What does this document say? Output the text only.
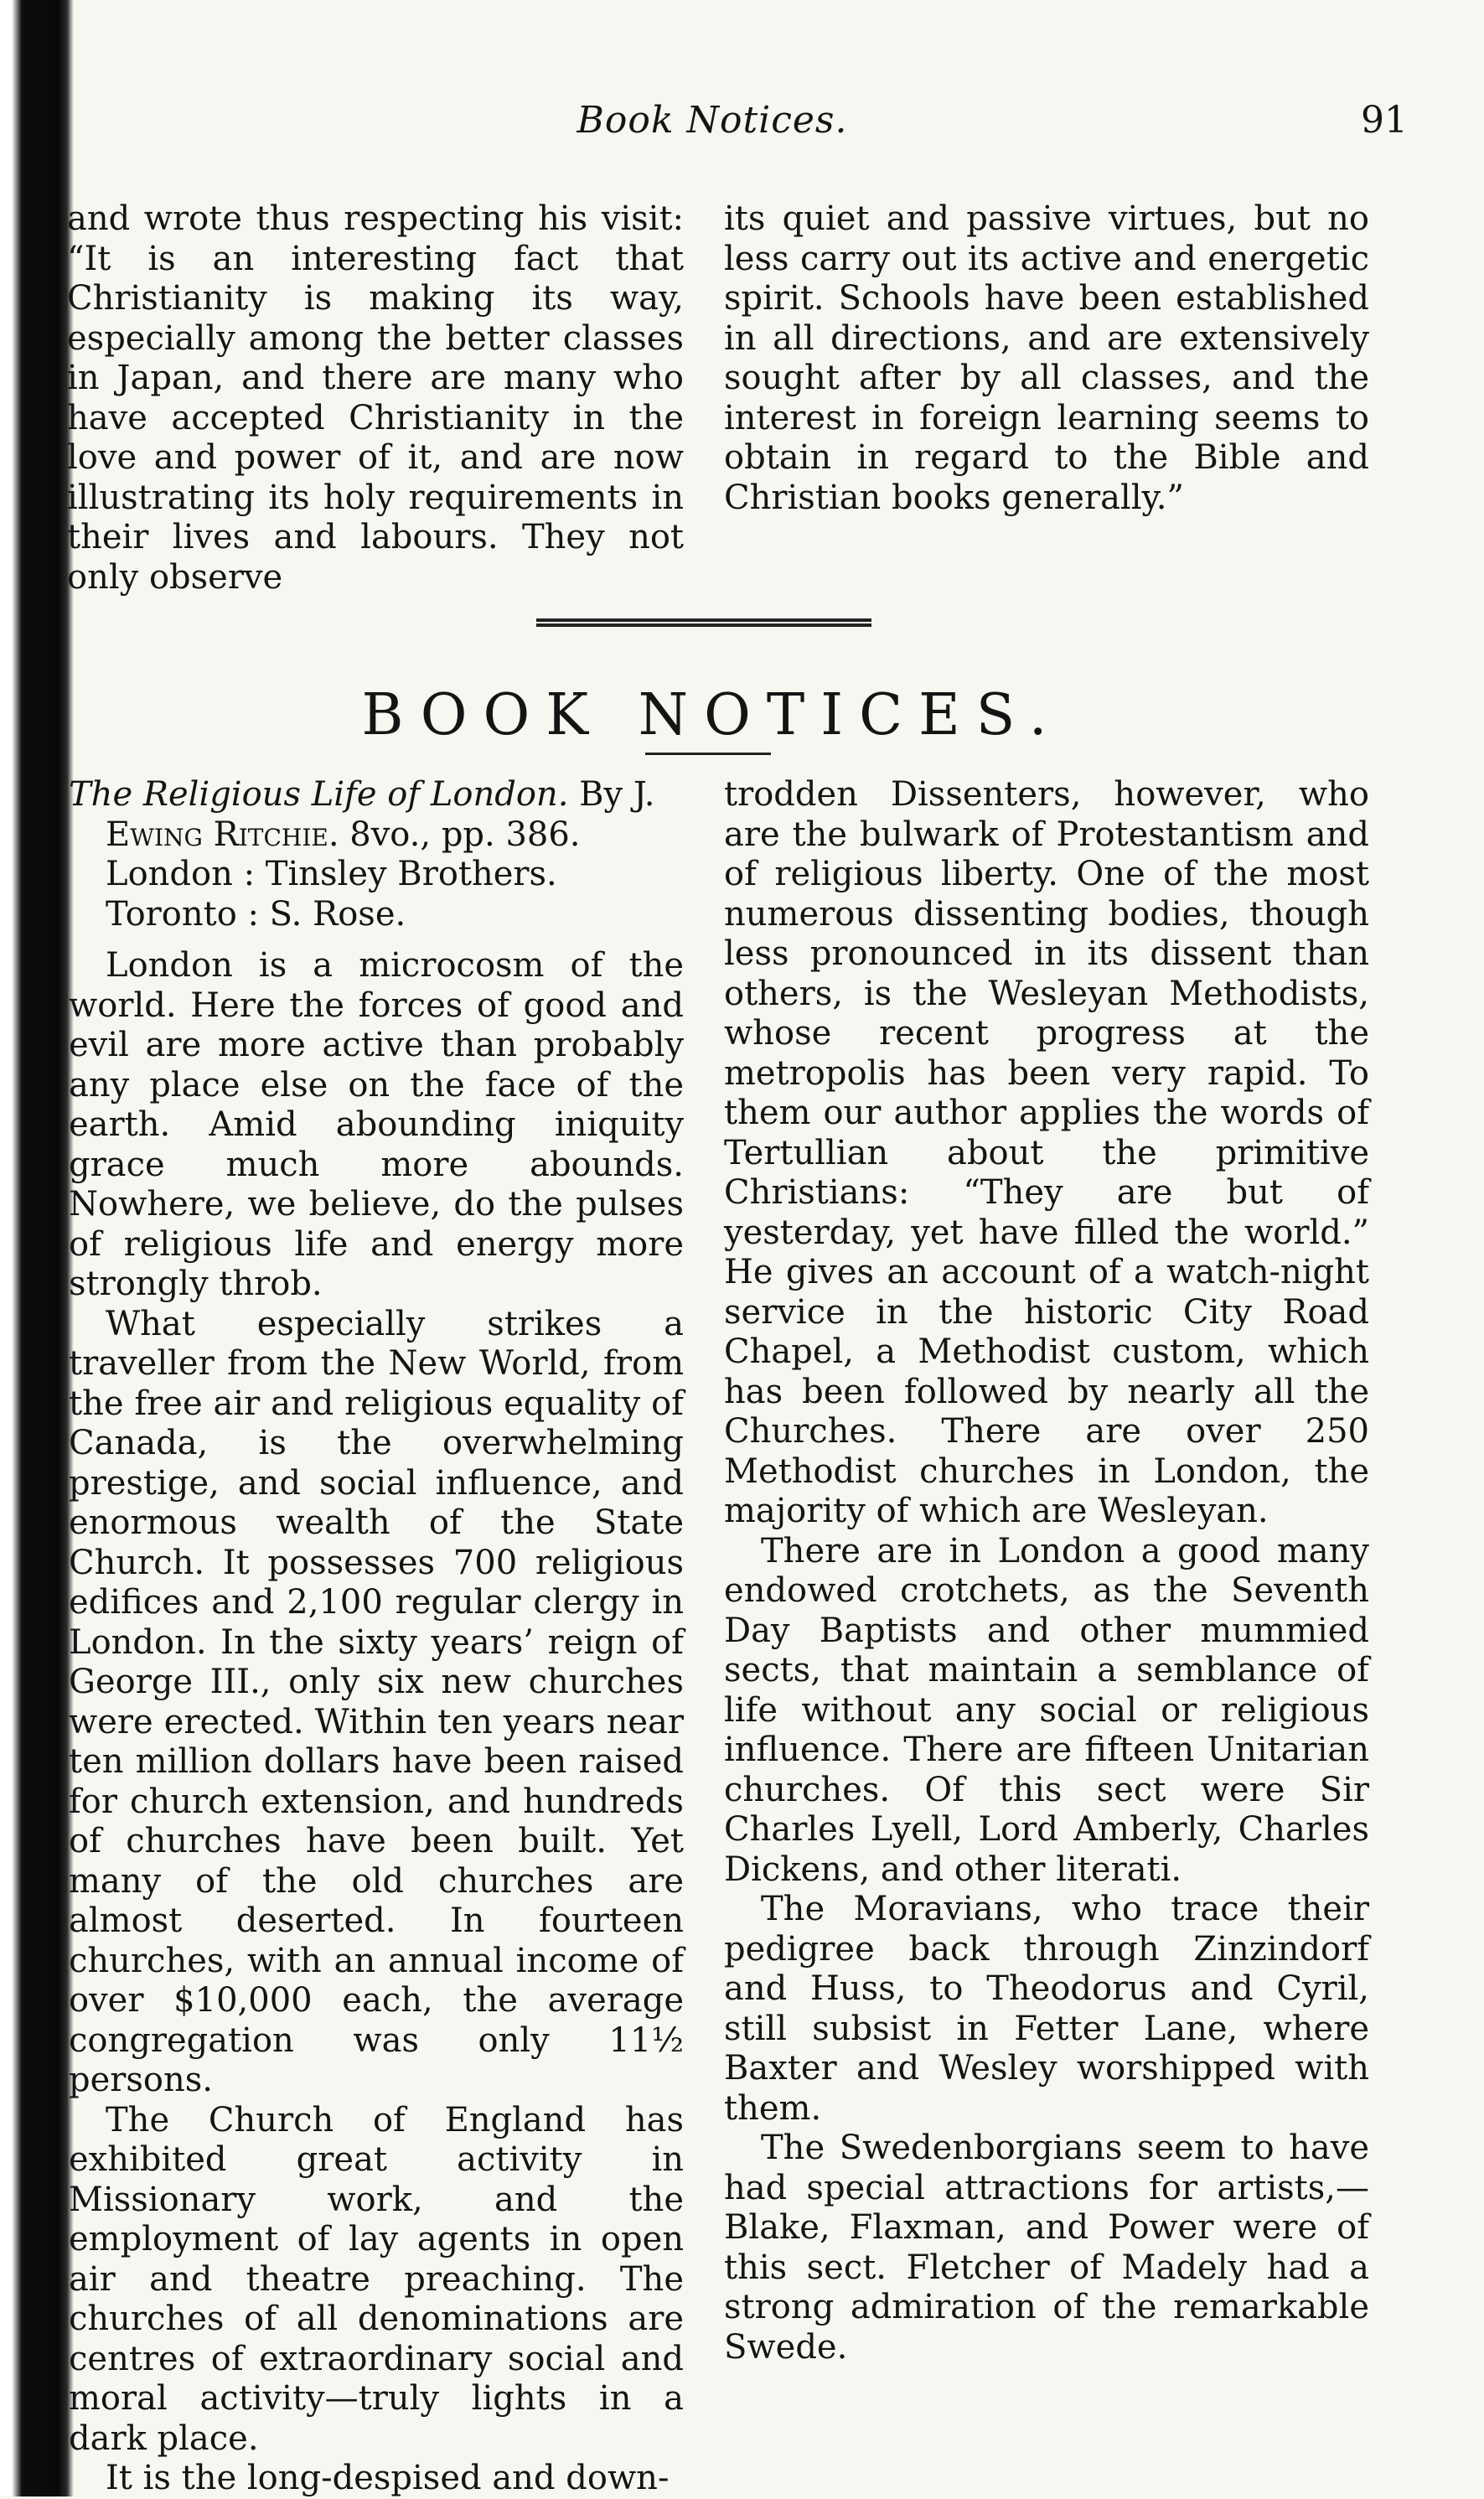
Book Notices.	91

and wrote thus respecting his visit: “It is an interesting fact that Christianity is making its way, especially among the better classes in Japan, and there are many who have accepted Christianity in the love and power of it, and are now illustrating its holy requirements in their lives and labours. They not only observe

its quiet and passive virtues, but no less carry out its active and energetic spirit. Schools have been established in all directions, and are extensively sought after by all classes, and the interest in foreign learning seems to obtain in regard to the Bible and Christian books generally.”

BOOK NOTICES.

The Religious Life of London. By J. Ewing Ritchie. 8vo., pp. 386. London : Tinsley Brothers. Toronto : S. Rose.

London is a microcosm of the world. Here the forces of good and evil are more active than probably any place else on the face of the earth. Amid abounding iniquity grace much more abounds. Nowhere, we believe, do the pulses of religious life and energy more strongly throb.

What especially strikes a traveller from the New World, from the free air and religious equality of Canada, is the overwhelming prestige, and social influence, and enormous wealth of the State Church. It possesses 700 religious edifices and 2,100 regular clergy in London. In the sixty years’ reign of George III., only six new churches were erected. Within ten years near ten million dollars have been raised for church extension, and hundreds of churches have been built. Yet many of the old churches are almost deserted. In fourteen churches, with an annual income of over $10,000 each, the average congregation was only 11½ persons.

The Church of England has exhibited great activity in Missionary work, and the employment of lay agents in open air and theatre preaching. The churches of all denominations are centres of extraordinary social and moral activity—truly lights in a dark place.

It is the long-despised and down-

trodden Dissenters, however, who are the bulwark of Protestantism and of religious liberty. One of the most numerous dissenting bodies, though less pronounced in its dissent than others, is the Wesleyan Methodists, whose recent progress at the metropolis has been very rapid. To them our author applies the words of Tertullian about the primitive Christians: “They are but of yesterday, yet have filled the world.” He gives an account of a watch-night service in the historic City Road Chapel, a Methodist custom, which has been followed by nearly all the Churches. There are over 250 Methodist churches in London, the majority of which are Wesleyan.

There are in London a good many endowed crotchets, as the Seventh Day Baptists and other mummied sects, that maintain a semblance of life without any social or religious influence. There are fifteen Unitarian churches. Of this sect were Sir Charles Lyell, Lord Amberly, Charles Dickens, and other literati.

The Moravians, who trace their pedigree back through Zinzindorf and Huss, to Theodorus and Cyril, still subsist in Fetter Lane, where Baxter and Wesley worshipped with them.

The Swedenborgians seem to have had special attractions for artists,—Blake, Flaxman, and Power were of this sect. Fletcher of Madely had a strong admiration of the remarkable Swede.
